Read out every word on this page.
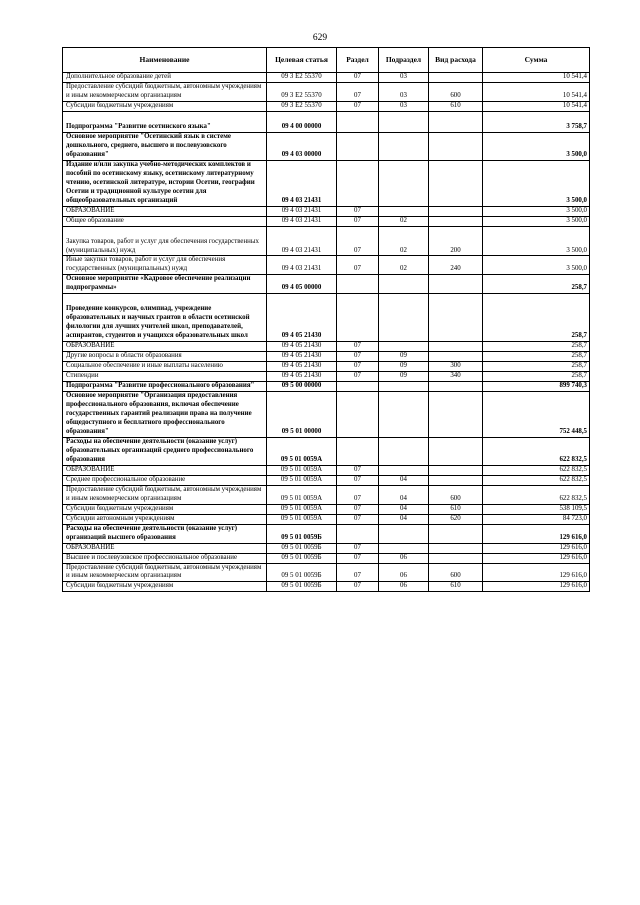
629
Наименование	Целевая статья	Раздел	Подраздел	Вид расхода	Сумма
Дополнительное образование детей	09 3 E2 55370	07	03		10 541,4
Предоставление субсидий бюджетным, автономным учреждениям и иным некоммерческим организациям	09 3 E2 55370	07	03	600	10 541,4
Субсидии бюджетным учреждениям	09 3 E2 55370	07	03	610	10 541,4
Подпрограмма "Развитие осетинского языка"	09 4 00 00000				3 758,7
Основное мероприятие "Осетинский язык в системе дошкольного, среднего, высшего и послевузовского образования"	09 4 03 00000				3 500,0
Издание и/или закупка учебно-методических комплектов и пособий по осетинскому языку, осетинскому литературному чтению, осетинской литературе, истории Осетии, географии Осетии и традиционной культуре осетин для общеобразовательных организаций	09 4 03 21431				3 500,0
ОБРАЗОВАНИЕ	09 4 03 21431	07			3 500,0
Общее образование	09 4 03 21431	07	02		3 500,0
Закупка товаров, работ и услуг для обеспечения государственных (муниципальных) нужд	09 4 03 21431	07	02	200	3 500,0
Иные закупки товаров, работ и услуг для обеспечения государственных (муниципальных) нужд	09 4 03 21431	07	02	240	3 500,0
Основное мероприятие «Кадровое обеспечение реализации подпрограммы»	09 4 05 00000				258,7
Проведение конкурсов, олимпиад, учреждение образовательных и научных грантов в области осетинской филологии для лучших учителей школ, преподавателей, аспирантов, студентов и учащихся образовательных школ	09 4 05 21430				258,7
ОБРАЗОВАНИЕ	09 4 05 21430	07			258,7
Другие вопросы в области образования	09 4 05 21430	07	09		258,7
Социальное обеспечение и иные выплаты населению	09 4 05 21430	07	09	300	258,7
Стипендии	09 4 05 21430	07	09	340	258,7
Подпрограмма "Развитие профессионального образования"	09 5 00 00000				899 740,3
Основное мероприятие "Организация предоставления профессионального образования, включая обеспечение государственных гарантий реализации права на получение общедоступного и бесплатного профессионального образования"	09 5 01 00000				752 448,5
Расходы на обеспечение деятельности (оказание услуг) образовательных организаций среднего профессионального образования	09 5 01 0059А				622 832,5
ОБРАЗОВАНИЕ	09 5 01 0059А	07			622 832,5
Среднее профессиональное образование	09 5 01 0059А	07	04		622 832,5
Предоставление субсидий бюджетным, автономным учреждениям и иным некоммерческим организациям	09 5 01 0059А	07	04	600	622 832,5
Субсидии бюджетным учреждениям	09 5 01 0059А	07	04	610	538 109,5
Субсидии автономным учреждениям	09 5 01 0059А	07	04	620	84 723,0
Расходы на обеспечение деятельности (оказание услуг) организаций высшего образования	09 5 01 0059Б				129 616,0
ОБРАЗОВАНИЕ	09 5 01 0059Б	07			129 616,0
Высшее и послевузовское профессиональное образование	09 5 01 0059Б	07	06		129 616,0
Предоставление субсидий бюджетным, автономным учреждениям и иным некоммерческим организациям	09 5 01 0059Б	07	06	600	129 616,0
Субсидии бюджетным учреждениям	09 5 01 0059Б	07	06	610	129 616,0
